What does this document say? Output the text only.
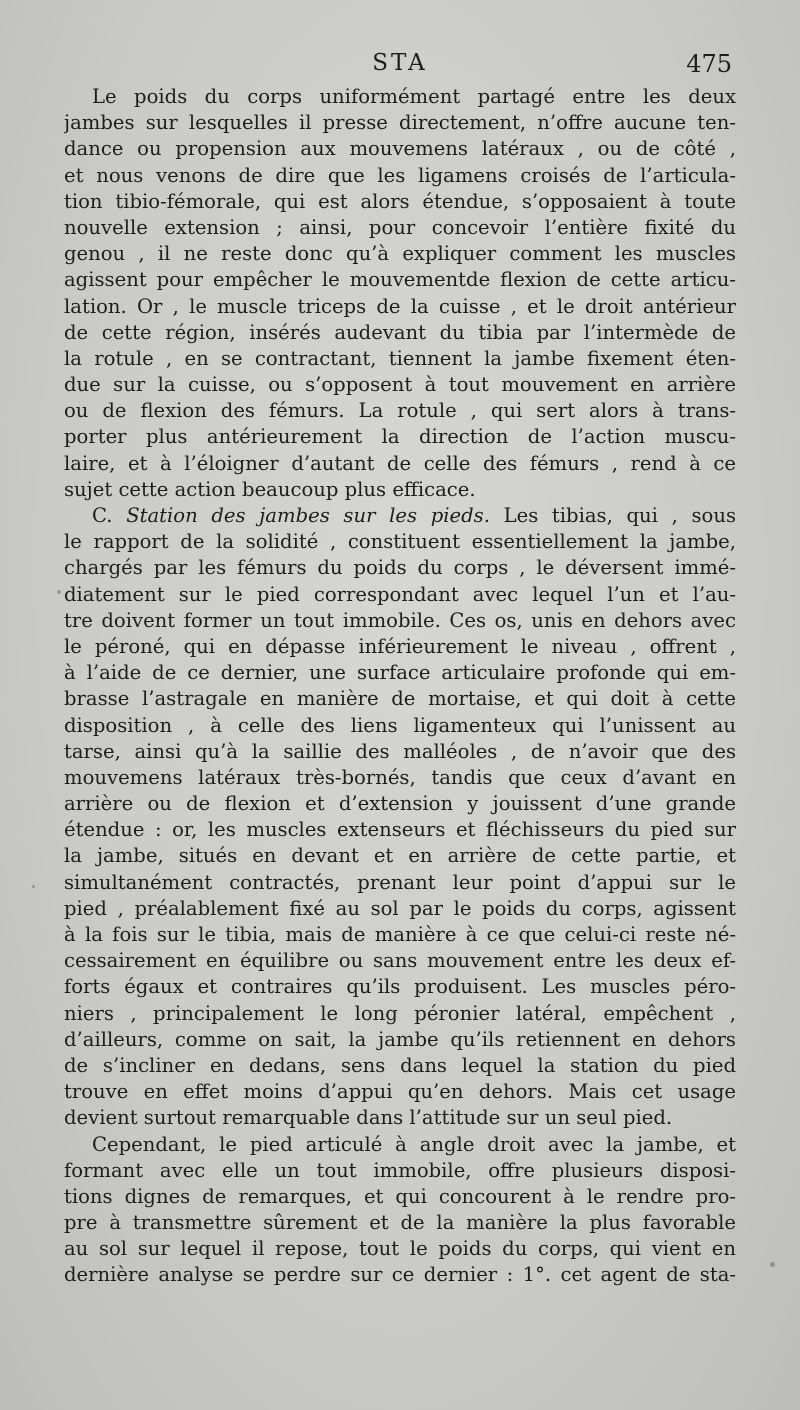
STA	475
Le poids du corps uniformément partagé entre les deux
jambes sur lesquelles il presse directement, n’offre aucune ten-
dance ou propension aux mouvemens latéraux , ou de côté ,
et nous venons de dire que les ligamens croisés de l’articula-
tion tibio-fémorale, qui est alors étendue, s’opposaient à toute
nouvelle extension ; ainsi, pour concevoir l’entière fixité du
genou , il ne reste donc qu’à expliquer comment les muscles
agissent pour empêcher le mouvementde flexion de cette articu-
lation. Or , le muscle triceps de la cuisse , et le droit antérieur
de cette région, insérés audevant du tibia par l’intermède de
la rotule , en se contractant, tiennent la jambe fixement éten-
due sur la cuisse, ou s’opposent à tout mouvement en arrière
ou de flexion des fémurs. La rotule , qui sert alors à trans-
porter plus antérieurement la direction de l’action muscu-
laire, et à l’éloigner d’autant de celle des fémurs , rend à ce
sujet cette action beaucoup plus efficace.
C. Station des jambes sur les pieds. Les tibias, qui , sous
le rapport de la solidité , constituent essentiellement la jambe,
chargés par les fémurs du poids du corps , le déversent immé-
diatement sur le pied correspondant avec lequel l’un et l’au-
tre doivent former un tout immobile. Ces os, unis en dehors avec
le péroné, qui en dépasse inférieurement le niveau , offrent ,
à l’aide de ce dernier, une surface articulaire profonde qui em-
brasse l’astragale en manière de mortaise, et qui doit à cette
disposition , à celle des liens ligamenteux qui l’unissent au
tarse, ainsi qu’à la saillie des malléoles , de n’avoir que des
mouvemens latéraux très-bornés, tandis que ceux d’avant en
arrière ou de flexion et d’extension y jouissent d’une grande
étendue : or, les muscles extenseurs et fléchisseurs du pied sur
la jambe, situés en devant et en arrière de cette partie, et
simultanément contractés, prenant leur point d’appui sur le
pied , préalablement fixé au sol par le poids du corps, agissent
à la fois sur le tibia, mais de manière à ce que celui-ci reste né-
cessairement en équilibre ou sans mouvement entre les deux ef-
forts égaux et contraires qu’ils produisent. Les muscles péro-
niers , principalement le long péronier latéral, empêchent ,
d’ailleurs, comme on sait, la jambe qu’ils retiennent en dehors
de s’incliner en dedans, sens dans lequel la station du pied
trouve en effet moins d’appui qu’en dehors. Mais cet usage
devient surtout remarquable dans l’attitude sur un seul pied.
Cependant, le pied articulé à angle droit avec la jambe, et
formant avec elle un tout immobile, offre plusieurs disposi-
tions dignes de remarques, et qui concourent à le rendre pro-
pre à transmettre sûrement et de la manière la plus favorable
au sol sur lequel il repose, tout le poids du corps, qui vient en
dernière analyse se perdre sur ce dernier : 1°. cet agent de sta-
